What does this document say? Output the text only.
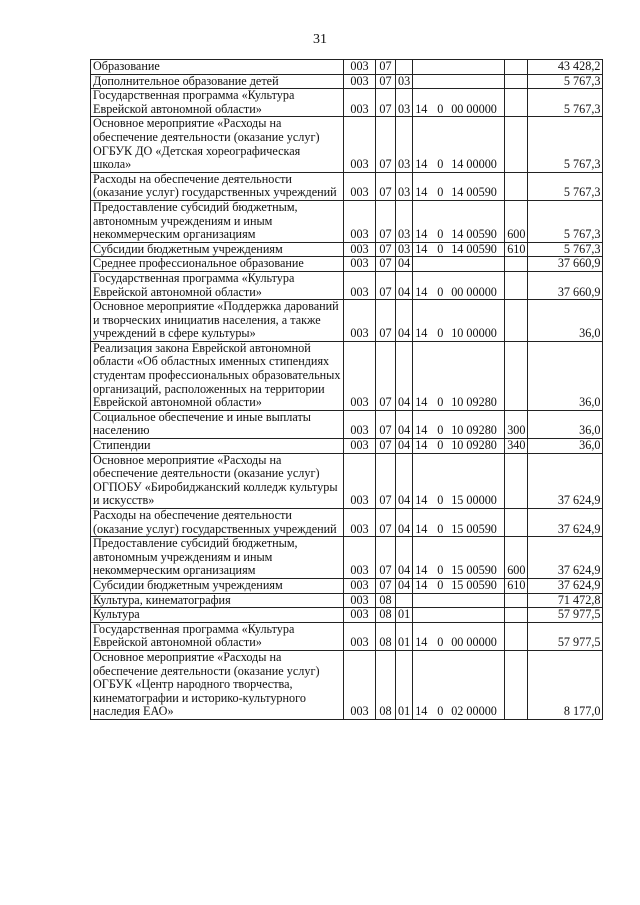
31
Образование	003	07				43 428,2
Дополнительное образование детей	003	07	03			5 767,3
Государственная программа «Культура Еврейской автономной области»	003	07	03	14 0 00 00000		5 767,3
Основное мероприятие «Расходы на обеспечение деятельности (оказание услуг) ОГБУК ДО «Детская хореографическая школа»	003	07	03	14 0 14 00000		5 767,3
Расходы на обеспечение деятельности (оказание услуг) государственных учреждений	003	07	03	14 0 14 00590		5 767,3
Предоставление субсидий бюджетным, автономным учреждениям и иным некоммерческим организациям	003	07	03	14 0 14 00590	600	5 767,3
Субсидии бюджетным учреждениям	003	07	03	14 0 14 00590	610	5 767,3
Среднее профессиональное образование	003	07	04			37 660,9
Государственная программа «Культура Еврейской автономной области»	003	07	04	14 0 00 00000		37 660,9
Основное мероприятие «Поддержка дарований и творческих инициатив населения, а также учреждений в сфере культуры»	003	07	04	14 0 10 00000		36,0
Реализация закона Еврейской автономной области «Об областных именных стипендиях студентам профессиональных образовательных организаций, расположенных на территории Еврейской автономной области»	003	07	04	14 0 10 09280		36,0
Социальное обеспечение и иные выплаты населению	003	07	04	14 0 10 09280	300	36,0
Стипендии	003	07	04	14 0 10 09280	340	36,0
Основное мероприятие «Расходы на обеспечение деятельности (оказание услуг) ОГПОБУ «Биробиджанский колледж культуры и искусств»	003	07	04	14 0 15 00000		37 624,9
Расходы на обеспечение деятельности (оказание услуг) государственных учреждений	003	07	04	14 0 15 00590		37 624,9
Предоставление субсидий бюджетным, автономным учреждениям и иным некоммерческим организациям	003	07	04	14 0 15 00590	600	37 624,9
Субсидии бюджетным учреждениям	003	07	04	14 0 15 00590	610	37 624,9
Культура, кинематография	003	08				71 472,8
Культура	003	08	01			57 977,5
Государственная программа «Культура Еврейской автономной области»	003	08	01	14 0 00 00000		57 977,5
Основное мероприятие «Расходы на обеспечение деятельности (оказание услуг) ОГБУК «Центр народного творчества, кинематографии и историко-культурного наследия ЕАО»	003	08	01	14 0 02 00000		8 177,0
